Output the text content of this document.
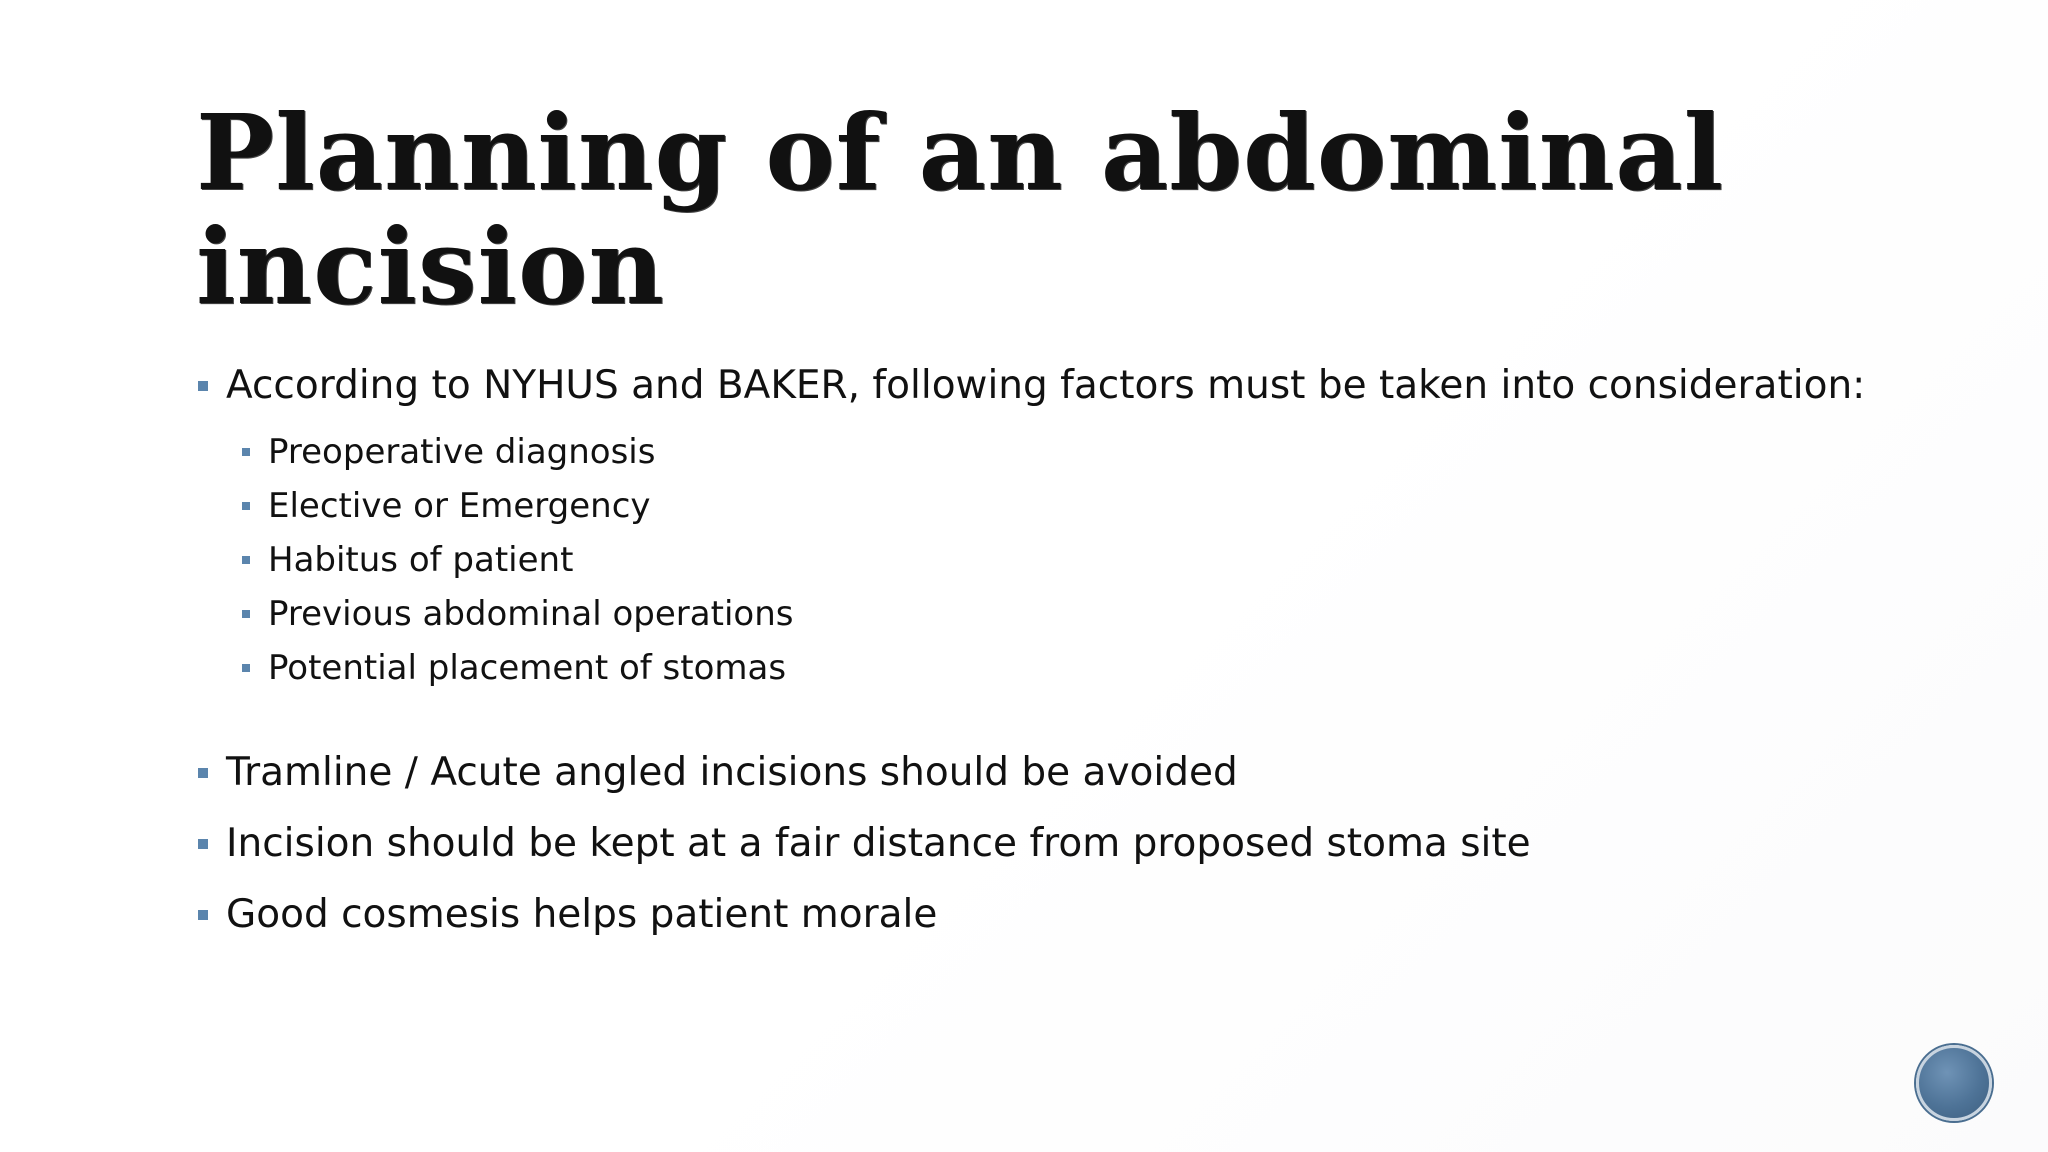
Planning of an abdominal incision
According to NYHUS and BAKER, following factors must be taken into consideration:
Preoperative diagnosis
Elective or Emergency
Habitus of patient
Previous abdominal operations
Potential placement of stomas
Tramline / Acute angled incisions should be avoided
Incision should be kept at a fair distance from proposed stoma site
Good cosmesis helps patient morale
